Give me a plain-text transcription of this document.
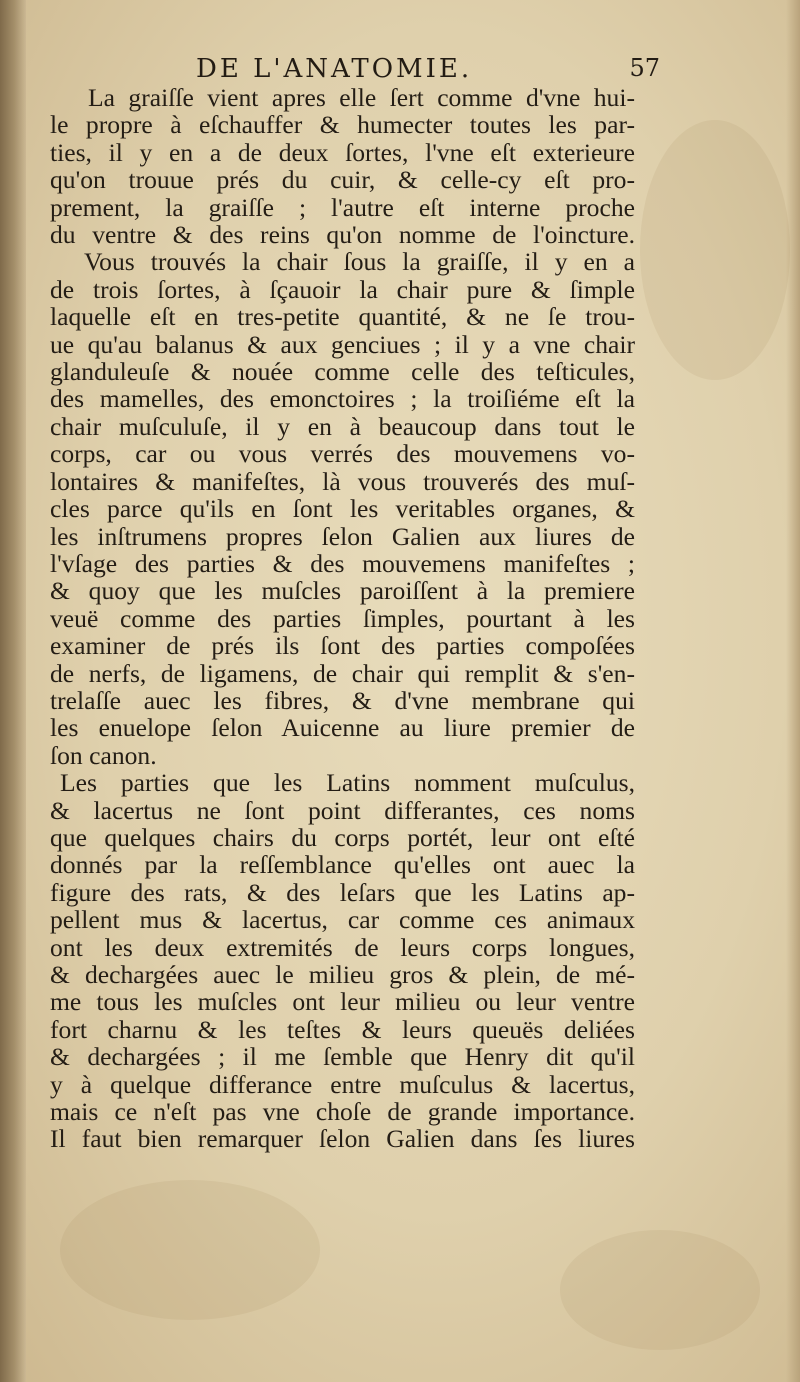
DE L'ANATOMIE.	57
La graiſſe vient apres elle ſert comme d'vne hui-
le propre à eſchauffer & humecter toutes les par-
ties, il y en a de deux ſortes, l'vne eſt exterieure
qu'on trouue prés du cuir, & celle-cy eſt pro-
prement, la graiſſe ; l'autre eſt interne proche
du ventre & des reins qu'on nomme de l'oincture.
Vous trouvés la chair ſous la graiſſe, il y en a
de trois ſortes, à ſçauoir la chair pure & ſimple
laquelle eſt en tres-petite quantité, & ne ſe trou-
ue qu'au balanus & aux genciues ; il y a vne chair
glanduleuſe & nouée comme celle des teſticules,
des mamelles, des emonctoires ; la troiſiéme eſt la
chair muſculuſe, il y en à beaucoup dans tout le
corps, car ou vous verrés des mouvemens vo-
lontaires & manifeſtes, là vous trouverés des muſ-
cles parce qu'ils en ſont les veritables organes, &
les inſtrumens propres ſelon Galien aux liures de
l'vſage des parties & des mouvemens manifeſtes ;
& quoy que les muſcles paroiſſent à la premiere
veuë comme des parties ſimples, pourtant à les
examiner de prés ils ſont des parties compoſées
de nerfs, de ligamens, de chair qui remplit & s'en-
trelaſſe auec les fibres, & d'vne membrane qui
les enuelope ſelon Auicenne au liure premier de
ſon canon.
Les parties que les Latins nomment muſculus,
& lacertus ne ſont point differantes, ces noms
que quelques chairs du corps portét, leur ont eſté
donnés par la reſſemblance qu'elles ont auec la
figure des rats, & des leſars que les Latins ap-
pellent mus & lacertus, car comme ces animaux
ont les deux extremités de leurs corps longues,
& dechargées auec le milieu gros & plein, de mé-
me tous les muſcles ont leur milieu ou leur ventre
fort charnu & les teſtes & leurs queuës deliées
& dechargées ; il me ſemble que Henry dit qu'il
y à quelque differance entre muſculus & lacertus,
mais ce n'eſt pas vne choſe de grande importance.
Il faut bien remarquer ſelon Galien dans ſes liures
